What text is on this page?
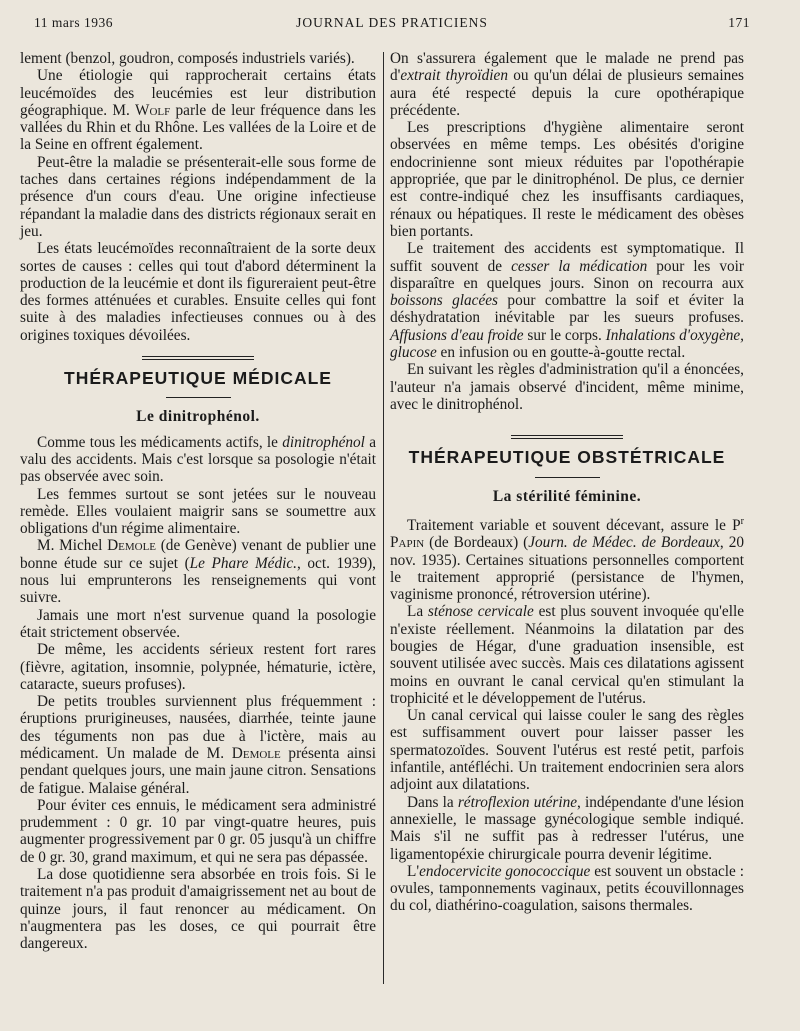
11 mars 1936	JOURNAL DES PRATICIENS	171

lement (benzol, goudron, composés industriels variés).

Une étiologie qui rapprocherait certains états leucémoïdes des leucémies est leur distribution géographique. M. Wolf parle de leur fréquence dans les vallées du Rhin et du Rhône. Les vallées de la Loire et de la Seine en offrent également.

Peut-être la maladie se présenterait-elle sous forme de taches dans certaines régions indépendamment de la présence d'un cours d'eau. Une origine infectieuse répandant la maladie dans des districts régionaux serait en jeu.

Les états leucémoïdes reconnaîtraient de la sorte deux sortes de causes : celles qui tout d'abord déterminent la production de la leucémie et dont ils figureraient peut-être des formes atténuées et curables. Ensuite celles qui font suite à des maladies infectieuses connues ou à des origines toxiques dévoilées.

THÉRAPEUTIQUE MÉDICALE
Le dinitrophénol.

Comme tous les médicaments actifs, le dinitrophénol a valu des accidents. Mais c'est lorsque sa posologie n'était pas observée avec soin.

Les femmes surtout se sont jetées sur le nouveau remède. Elles voulaient maigrir sans se soumettre aux obligations d'un régime alimentaire.

M. Michel Demole (de Genève) venant de publier une bonne étude sur ce sujet (Le Phare Médic., oct. 1939), nous lui emprunterons les renseignements qui vont suivre.

Jamais une mort n'est survenue quand la posologie était strictement observée.

De même, les accidents sérieux restent fort rares (fièvre, agitation, insomnie, polypnée, hématurie, ictère, cataracte, sueurs profuses).

De petits troubles surviennent plus fréquemment : éruptions prurigineuses, nausées, diarrhée, teinte jaune des téguments non pas due à l'ictère, mais au médicament. Un malade de M. Demole présenta ainsi pendant quelques jours, une main jaune citron. Sensations de fatigue. Malaise général.

Pour éviter ces ennuis, le médicament sera administré prudemment : 0 gr. 10 par vingt-quatre heures, puis augmenter progressivement par 0 gr. 05 jusqu'à un chiffre de 0 gr. 30, grand maximum, et qui ne sera pas dépassée.

La dose quotidienne sera absorbée en trois fois. Si le traitement n'a pas produit d'amaigrissement net au bout de quinze jours, il faut renoncer au médicament. On n'augmentera pas les doses, ce qui pourrait être dangereux.

On s'assurera également que le malade ne prend pas d'extrait thyroïdien ou qu'un délai de plusieurs semaines aura été respecté depuis la cure opothérapique précédente.

Les prescriptions d'hygiène alimentaire seront observées en même temps. Les obésités d'origine endocrinienne sont mieux réduites par l'opothérapie appropriée, que par le dinitrophénol. De plus, ce dernier est contre-indiqué chez les insuffisants cardiaques, rénaux ou hépatiques. Il reste le médicament des obèses bien portants.

Le traitement des accidents est symptomatique. Il suffit souvent de cesser la médication pour les voir disparaître en quelques jours. Sinon on recourra aux boissons glacées pour combattre la soif et éviter la déshydratation inévitable par les sueurs profuses. Affusions d'eau froide sur le corps. Inhalations d'oxygène, glucose en infusion ou en goutte-à-goutte rectal.

En suivant les règles d'administration qu'il a énoncées, l'auteur n'a jamais observé d'incident, même minime, avec le dinitrophénol.

THÉRAPEUTIQUE OBSTÉTRICALE
La stérilité féminine.

Traitement variable et souvent décevant, assure le $P^r$ Papin (de Bordeaux) (Journ. de Médec. de Bordeaux, 20 nov. 1935). Certaines situations personnelles comportent le traitement approprié (persistance de l'hymen, vaginisme prononcé, rétroversion utérine).

La sténose cervicale est plus souvent invoquée qu'elle n'existe réellement. Néanmoins la dilatation par des bougies de Hégar, d'une graduation insensible, est souvent utilisée avec succès. Mais ces dilatations agissent moins en ouvrant le canal cervical qu'en stimulant la trophicité et le développement de l'utérus.

Un canal cervical qui laisse couler le sang des règles est suffisamment ouvert pour laisser passer les spermatozoïdes. Souvent l'utérus est resté petit, parfois infantile, antéfléchi. Un traitement endocrinien sera alors adjoint aux dilatations.

Dans la rétroflexion utérine, indépendante d'une lésion annexielle, le massage gynécologique semble indiqué. Mais s'il ne suffit pas à redresser l'utérus, une ligamentopéxie chirurgicale pourra devenir légitime.

L'endocervicite gonococcique est souvent un obstacle : ovules, tamponnements vaginaux, petits écouvillonnages du col, diathérino-coagulation, saisons thermales.
